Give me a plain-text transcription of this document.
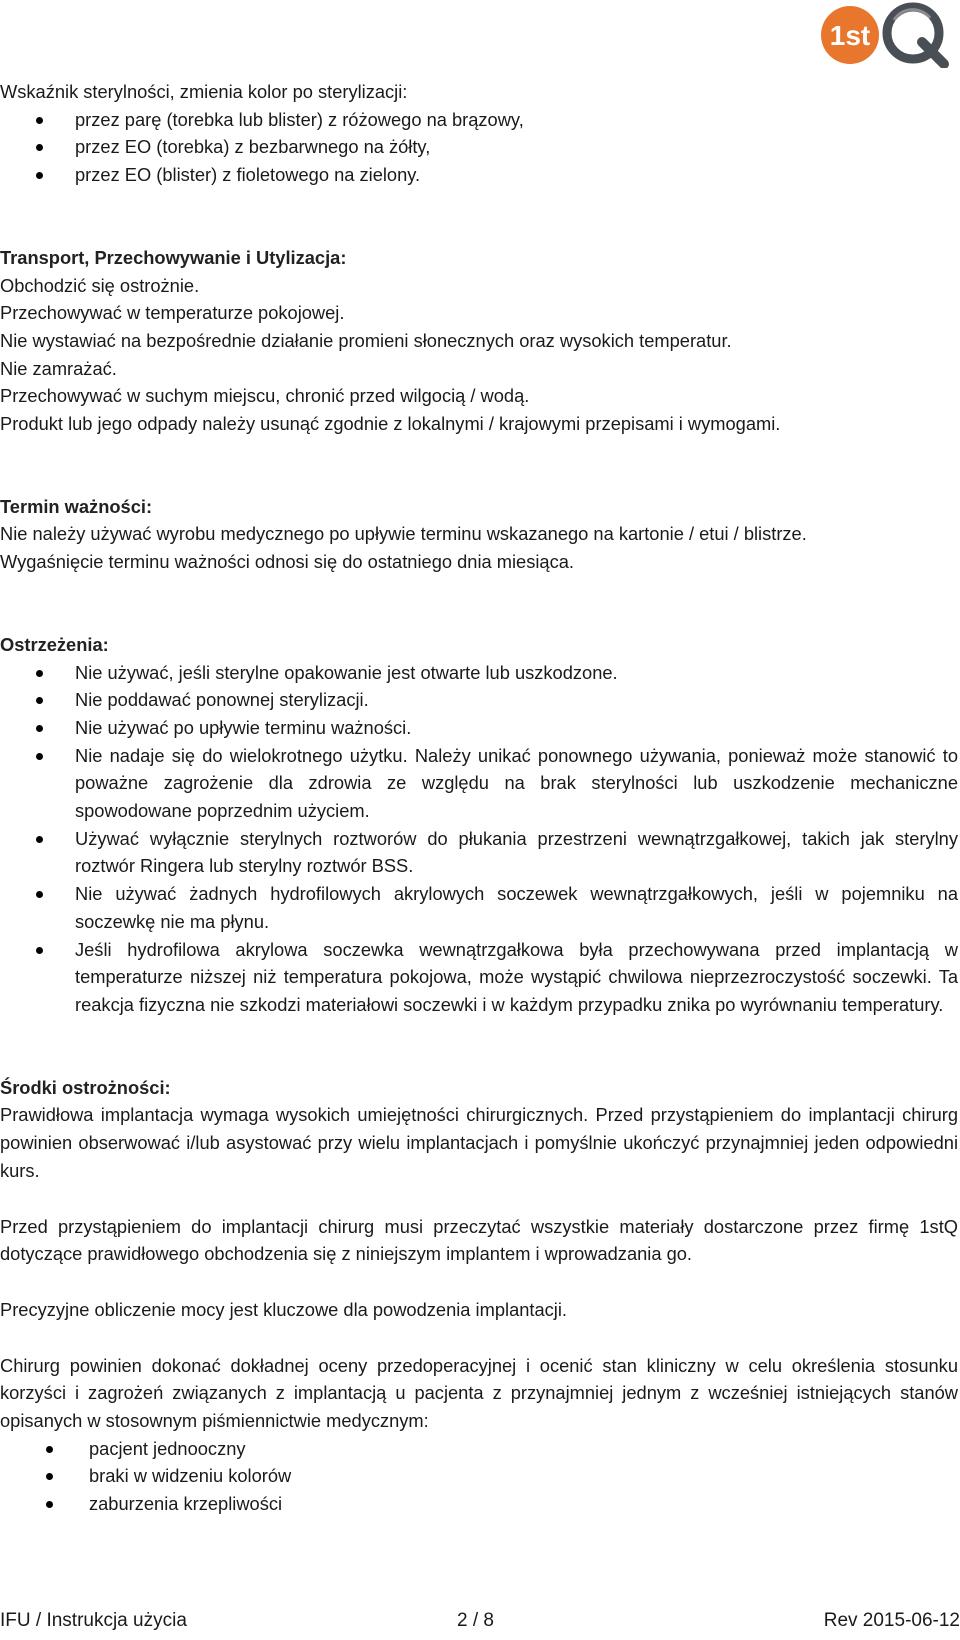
1st

Wskaźnik sterylności, zmienia kolor po sterylizacji:

przez parę (torebka lub blister) z różowego na brązowy,
przez EO (torebka) z bezbarwnego na żółty,
przez EO (blister) z fioletowego na zielony.

Transport, Przechowywanie i Utylizacja:

Obchodzić się ostrożnie.

Przechowywać w temperaturze pokojowej.

Nie wystawiać na bezpośrednie działanie promieni słonecznych oraz wysokich temperatur.

Nie zamrażać.

Przechowywać w suchym miejscu, chronić przed wilgocią / wodą.

Produkt lub jego odpady należy usunąć zgodnie z lokalnymi / krajowymi przepisami i wymogami.

Termin ważności:

Nie należy używać wyrobu medycznego po upływie terminu wskazanego na kartonie / etui / blistrze.

Wygaśnięcie terminu ważności odnosi się do ostatniego dnia miesiąca.

Ostrzeżenia:

Nie używać, jeśli sterylne opakowanie jest otwarte lub uszkodzone.
Nie poddawać ponownej sterylizacji.
Nie używać po upływie terminu ważności.
Nie nadaje się do wielokrotnego użytku. Należy unikać ponownego używania, ponieważ może stanowić to poważne zagrożenie dla zdrowia ze względu na brak sterylności lub uszkodzenie mechaniczne spowodowane poprzednim użyciem.
Używać wyłącznie sterylnych roztworów do płukania przestrzeni wewnątrzgałkowej, takich jak sterylny roztwór Ringera lub sterylny roztwór BSS.
Nie używać żadnych hydrofilowych akrylowych soczewek wewnątrzgałkowych, jeśli w pojemniku na soczewkę nie ma płynu.
Jeśli hydrofilowa akrylowa soczewka wewnątrzgałkowa była przechowywana przed implantacją w temperaturze niższej niż temperatura pokojowa, może wystąpić chwilowa nieprzezroczystość soczewki. Ta reakcja fizyczna nie szkodzi materiałowi soczewki i w każdym przypadku znika po wyrównaniu temperatury.

Środki ostrożności:

Prawidłowa implantacja wymaga wysokich umiejętności chirurgicznych. Przed przystąpieniem do implantacji chirurg powinien obserwować i/lub asystować przy wielu implantacjach i pomyślnie ukończyć przynajmniej jeden odpowiedni kurs.

Przed przystąpieniem do implantacji chirurg musi przeczytać wszystkie materiały dostarczone przez firmę 1stQ dotyczące prawidłowego obchodzenia się z niniejszym implantem i wprowadzania go.

Precyzyjne obliczenie mocy jest kluczowe dla powodzenia implantacji.

Chirurg powinien dokonać dokładnej oceny przedoperacyjnej i ocenić stan kliniczny w celu określenia stosunku korzyści i zagrożeń związanych z implantacją u pacjenta z przynajmniej jednym z wcześniej istniejących stanów opisanych w stosownym piśmiennictwie medycznym:

pacjent jednooczny
braki w widzeniu kolorów
zaburzenia krzepliwości
IFU / Instrukcja użycia	2 / 8	Rev 2015-06-12
